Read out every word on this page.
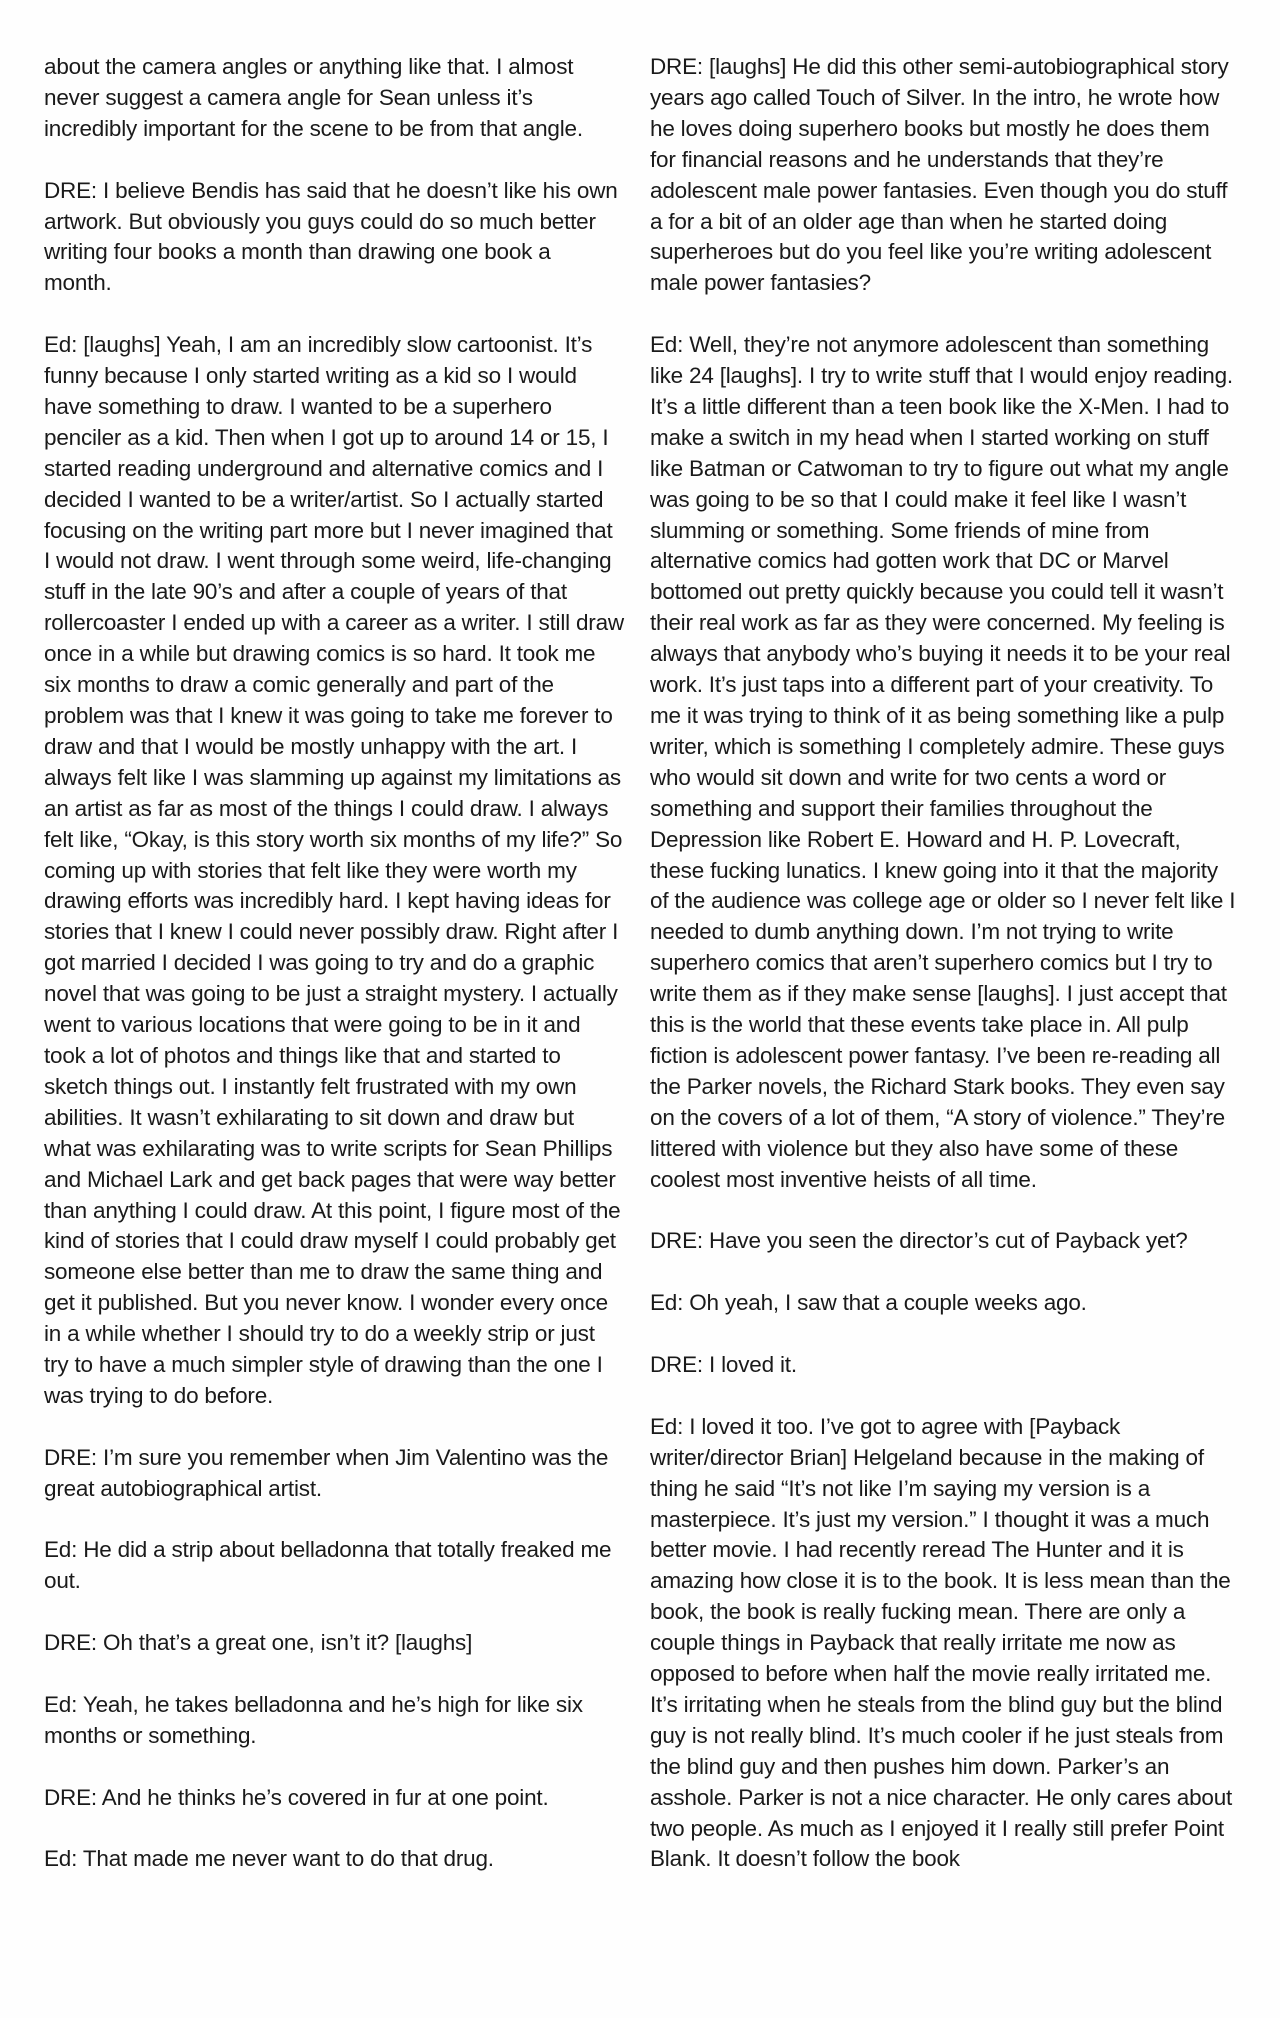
about the camera angles or anything like that. I almost never suggest a camera angle for Sean unless it’s incredibly important for the scene to be from that angle.

DRE: I believe Bendis has said that he doesn’t like his own artwork. But obviously you guys could do so much better writing four books a month than drawing one book a month.

Ed: [laughs] Yeah, I am an incredibly slow cartoonist. It’s funny because I only started writing as a kid so I would have something to draw. I wanted to be a superhero penciler as a kid. Then when I got up to around 14 or 15, I started reading underground and alternative comics and I decided I wanted to be a writer/artist. So I actually started focusing on the writing part more but I never imagined that I would not draw. I went through some weird, life-changing stuff in the late 90’s and after a couple of years of that rollercoaster I ended up with a career as a writer. I still draw once in a while but drawing comics is so hard. It took me six months to draw a comic generally and part of the problem was that I knew it was going to take me forever to draw and that I would be mostly unhappy with the art. I always felt like I was slamming up against my limitations as an artist as far as most of the things I could draw. I always felt like, “Okay, is this story worth six months of my life?” So coming up with stories that felt like they were worth my drawing efforts was incredibly hard. I kept having ideas for stories that I knew I could never possibly draw. Right after I got married I decided I was going to try and do a graphic novel that was going to be just a straight mystery. I actually went to various locations that were going to be in it and took a lot of photos and things like that and started to sketch things out. I instantly felt frustrated with my own abilities. It wasn’t exhilarating to sit down and draw but what was exhilarating was to write scripts for Sean Phillips and Michael Lark and get back pages that were way better than anything I could draw. At this point, I figure most of the kind of stories that I could draw myself I could probably get someone else better than me to draw the same thing and get it published. But you never know. I wonder every once in a while whether I should try to do a weekly strip or just try to have a much simpler style of drawing than the one I was trying to do before.

DRE: I’m sure you remember when Jim Valentino was the great autobiographical artist.

Ed: He did a strip about belladonna that totally freaked me out.

DRE: Oh that’s a great one, isn’t it? [laughs]

Ed: Yeah, he takes belladonna and he’s high for like six months or something.

DRE: And he thinks he’s covered in fur at one point.

Ed: That made me never want to do that drug.

DRE: [laughs] He did this other semi-autobiographical story years ago called Touch of Silver. In the intro, he wrote how he loves doing superhero books but mostly he does them for financial reasons and he understands that they’re adolescent male power fantasies. Even though you do stuff a for a bit of an older age than when he started doing superheroes but do you feel like you’re writing adolescent male power fantasies?

Ed: Well, they’re not anymore adolescent than something like 24 [laughs]. I try to write stuff that I would enjoy reading. It’s a little different than a teen book like the X-Men. I had to make a switch in my head when I started working on stuff like Batman or Catwoman to try to figure out what my angle was going to be so that I could make it feel like I wasn’t slumming or something. Some friends of mine from alternative comics had gotten work that DC or Marvel bottomed out pretty quickly because you could tell it wasn’t their real work as far as they were concerned. My feeling is always that anybody who’s buying it needs it to be your real work. It’s just taps into a different part of your creativity. To me it was trying to think of it as being something like a pulp writer, which is something I completely admire. These guys who would sit down and write for two cents a word or something and support their families throughout the Depression like Robert E. Howard and H. P. Lovecraft, these fucking lunatics. I knew going into it that the majority of the audience was college age or older so I never felt like I needed to dumb anything down. I’m not trying to write superhero comics that aren’t superhero comics but I try to write them as if they make sense [laughs]. I just accept that this is the world that these events take place in. All pulp fiction is adolescent power fantasy. I’ve been re-reading all the Parker novels, the Richard Stark books. They even say on the covers of a lot of them, “A story of violence.” They’re littered with violence but they also have some of these coolest most inventive heists of all time.

DRE: Have you seen the director’s cut of Payback yet?

Ed: Oh yeah, I saw that a couple weeks ago.

DRE: I loved it.

Ed: I loved it too. I’ve got to agree with [Payback writer/director Brian] Helgeland because in the making of thing he said “It’s not like I’m saying my version is a masterpiece. It’s just my version.” I thought it was a much better movie. I had recently reread The Hunter and it is amazing how close it is to the book. It is less mean than the book, the book is really fucking mean. There are only a couple things in Payback that really irritate me now as opposed to before when half the movie really irritated me. It’s irritating when he steals from the blind guy but the blind guy is not really blind. It’s much cooler if he just steals from the blind guy and then pushes him down. Parker’s an asshole. Parker is not a nice character. He only cares about two people. As much as I enjoyed it I really still prefer Point Blank. It doesn’t follow the book
